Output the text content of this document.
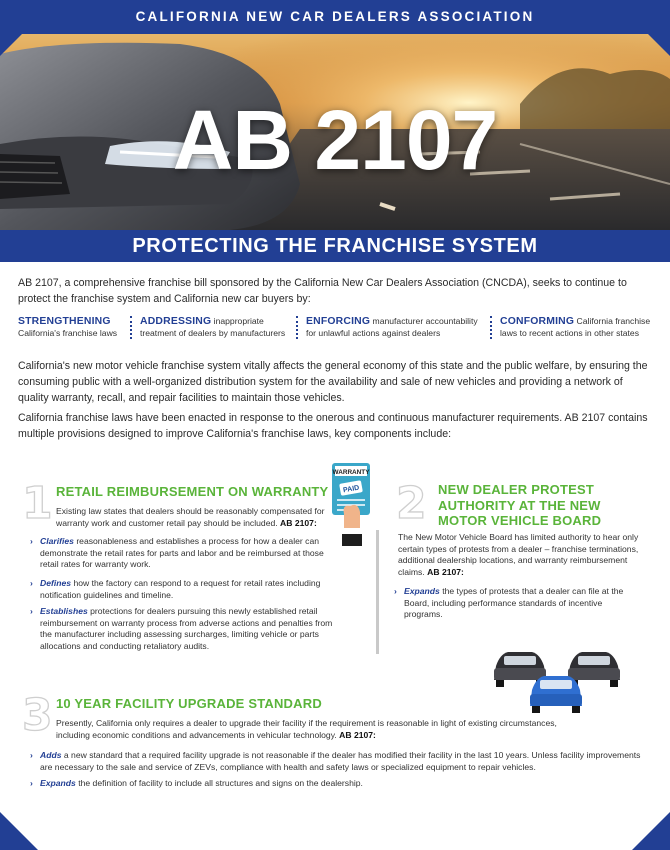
CALIFORNIA NEW CAR DEALERS ASSOCIATION
AB 2107
PROTECTING THE FRANCHISE SYSTEM
AB 2107, a comprehensive franchise bill sponsored by the California New Car Dealers Association (CNCDA), seeks to continue to protect the franchise system and California new car buyers by:
STRENGTHENING
California's franchise laws
ADDRESSING inappropriate
treatment of dealers by manufacturers
ENFORCING manufacturer accountability
for unlawful actions against dealers
CONFORMING California franchise
laws to recent actions in other states
California's new motor vehicle franchise system vitally affects the general economy of this state and the public welfare, by ensuring the consuming public with a well-organized distribution system for the availability and sale of new vehicles and providing a network of quality warranty, recall, and repair facilities to maintain those vehicles.
California franchise laws have been enacted in response to the onerous and continuous manufacturer requirements. AB 2107 contains multiple provisions designed to improve California's franchise laws, key components include:
1 RETAIL REIMBURSEMENT ON WARRANTY
WARRANTY
PAID
Existing law states that dealers should be reasonably compensated for warranty work and customer retail pay should be included. AB 2107:
› Clarifies reasonableness and establishes a process for how a dealer can demonstrate the retail rates for parts and labor and be reimbursed at those retail rates for warranty work.
› Defines how the factory can respond to a request for retail rates including notification guidelines and timeline.
› Establishes protections for dealers pursuing this newly established retail reimbursement on warranty process from adverse actions and penalties from the manufacturer including assessing surcharges, limiting vehicle or parts allocations and conducting retaliatory audits.
2 NEW DEALER PROTEST
AUTHORITY AT THE NEW
MOTOR VEHICLE BOARD
The New Motor Vehicle Board has limited authority to hear only certain types of protests from a dealer – franchise terminations, additional dealership locations, and warranty reimbursement claims. AB 2107:
› Expands the types of protests that a dealer can file at the Board, including performance standards of incentive programs.
3 10 YEAR FACILITY UPGRADE STANDARD
Presently, California only requires a dealer to upgrade their facility if the requirement is reasonable in light of existing circumstances, including economic conditions and advancements in vehicular technology. AB 2107:
› Adds a new standard that a required facility upgrade is not reasonable if the dealer has modified their facility in the last 10 years. Unless facility improvements are necessary to the sale and service of ZEVs, compliance with health and safety laws or specialized equipment to repair vehicles.
› Expands the definition of facility to include all structures and signs on the dealership.
